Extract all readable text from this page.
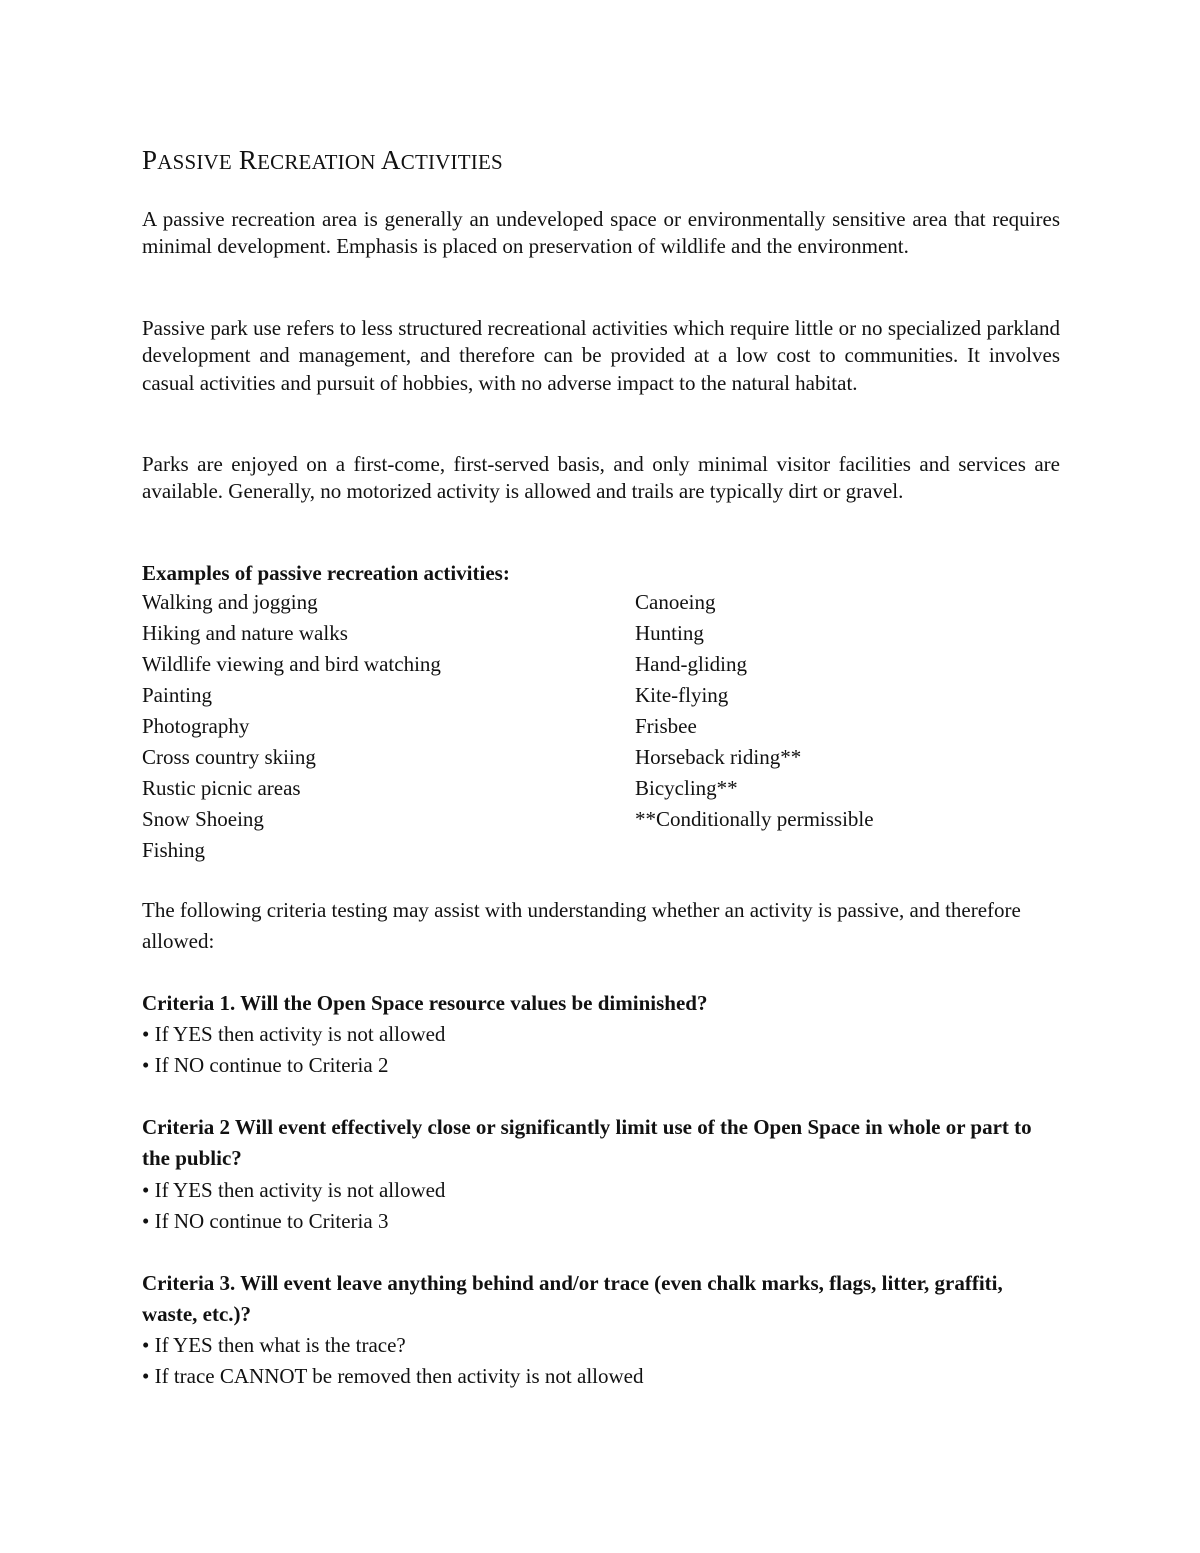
PASSIVE RECREATION ACTIVITIES

A passive recreation area is generally an undeveloped space or environmentally sensitive area that requires minimal development. Emphasis is placed on preservation of wildlife and the environment.

Passive park use refers to less structured recreational activities which require little or no specialized parkland development and management, and therefore can be provided at a low cost to communities. It involves casual activities and pursuit of hobbies, with no adverse impact to the natural habitat.

Parks are enjoyed on a first-come, first-served basis, and only minimal visitor facilities and services are available. Generally, no motorized activity is allowed and trails are typically dirt or gravel.

Examples of passive recreation activities:

Walking and jogging
Hiking and nature walks
Wildlife viewing and bird watching
Painting
Photography
Cross country skiing
Rustic picnic areas
Snow Shoeing
Fishing
Canoeing
Hunting
Hand-gliding
Kite-flying
Frisbee
Horseback riding**
Bicycling**
**Conditionally permissible

The following criteria testing may assist with understanding whether an activity is passive, and therefore allowed:

Criteria 1. Will the Open Space resource values be diminished?

• If YES then activity is not allowed

• If NO continue to Criteria 2

Criteria 2 Will event effectively close or significantly limit use of the Open Space in whole or part to the public?

• If YES then activity is not allowed

• If NO continue to Criteria 3

Criteria 3. Will event leave anything behind and/or trace (even chalk marks, flags, litter, graffiti, waste, etc.)?

• If YES then what is the trace?

• If trace CANNOT be removed then activity is not allowed
